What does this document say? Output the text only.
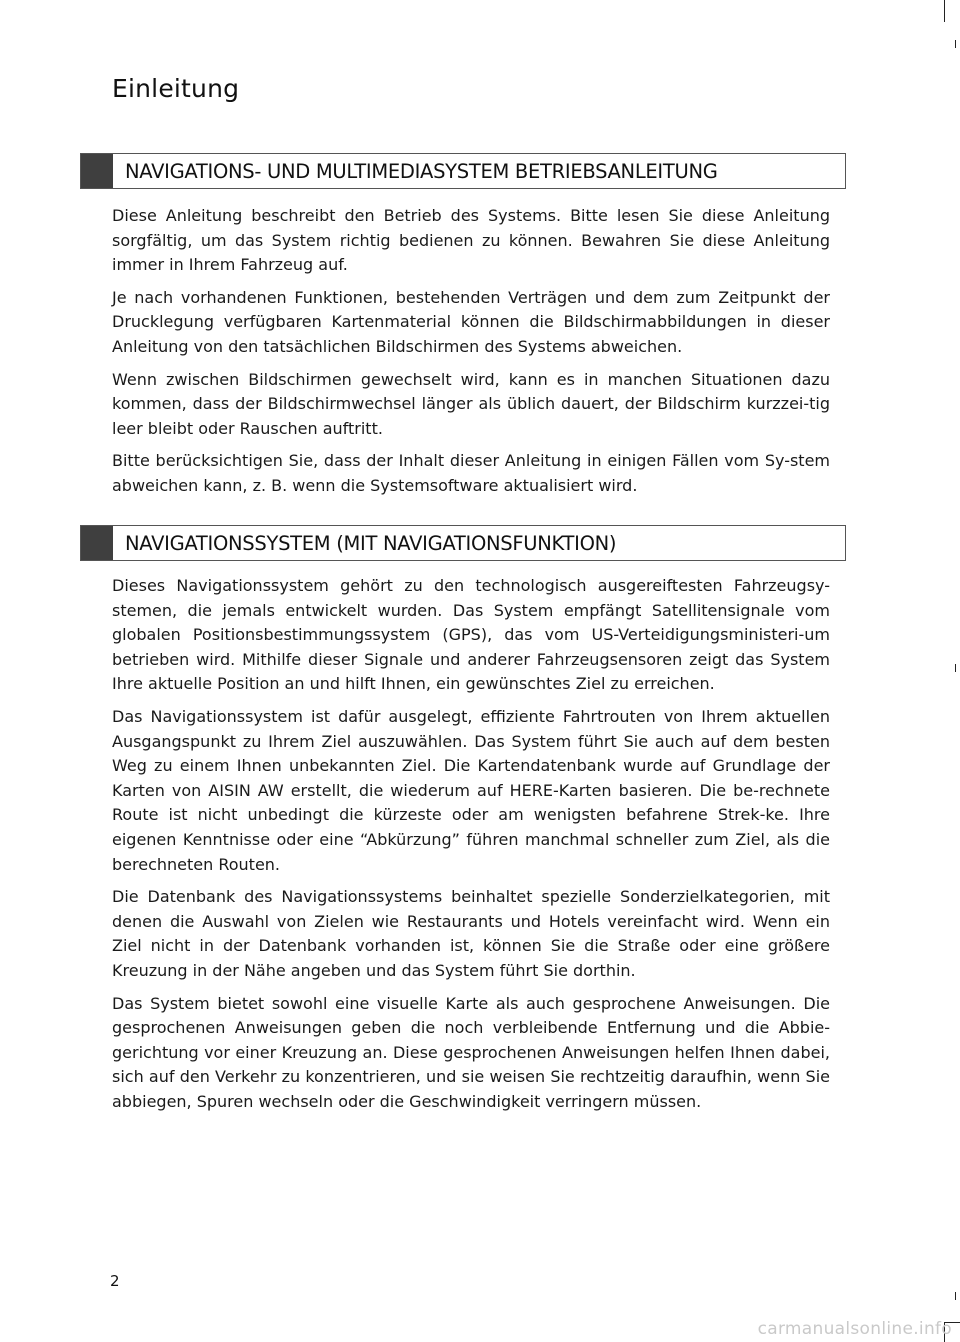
Einleitung
NAVIGATIONS- UND MULTIMEDIASYSTEM BETRIEBSANLEITUNG

Diese Anleitung beschreibt den Betrieb des Systems. Bitte lesen Sie diese Anleitung sorgfältig, um das System richtig bedienen zu können. Bewahren Sie diese Anleitung immer in Ihrem Fahrzeug auf.

Je nach vorhandenen Funktionen, bestehenden Verträgen und dem zum Zeitpunkt der Drucklegung verfügbaren Kartenmaterial können die Bildschirmabbildungen in dieser Anleitung von den tatsächlichen Bildschirmen des Systems abweichen.

Wenn zwischen Bildschirmen gewechselt wird, kann es in manchen Situationen dazu kommen, dass der Bildschirmwechsel länger als üblich dauert, der Bildschirm kurzzei-tig leer bleibt oder Rauschen auftritt.

Bitte berücksichtigen Sie, dass der Inhalt dieser Anleitung in einigen Fällen vom Sy-stem abweichen kann, z. B. wenn die Systemsoftware aktualisiert wird.

NAVIGATIONSSYSTEM (MIT NAVIGATIONSFUNKTION)

Dieses Navigationssystem gehört zu den technologisch ausgereiftesten Fahrzeugsy-stemen, die jemals entwickelt wurden. Das System empfängt Satellitensignale vom globalen Positionsbestimmungssystem (GPS), das vom US-Verteidigungsministeri-um betrieben wird. Mithilfe dieser Signale und anderer Fahrzeugsensoren zeigt das System Ihre aktuelle Position an und hilft Ihnen, ein gewünschtes Ziel zu erreichen.

Das Navigationssystem ist dafür ausgelegt, effiziente Fahrtrouten von Ihrem aktuellen Ausgangspunkt zu Ihrem Ziel auszuwählen. Das System führt Sie auch auf dem besten Weg zu einem Ihnen unbekannten Ziel. Die Kartendatenbank wurde auf Grundlage der Karten von AISIN AW erstellt, die wiederum auf HERE-Karten basieren. Die be-rechnete Route ist nicht unbedingt die kürzeste oder am wenigsten befahrene Strek-ke. Ihre eigenen Kenntnisse oder eine “Abkürzung” führen manchmal schneller zum Ziel, als die berechneten Routen.

Die Datenbank des Navigationssystems beinhaltet spezielle Sonderzielkategorien, mit denen die Auswahl von Zielen wie Restaurants und Hotels vereinfacht wird. Wenn ein Ziel nicht in der Datenbank vorhanden ist, können Sie die Straße oder eine größere Kreuzung in der Nähe angeben und das System führt Sie dorthin.

Das System bietet sowohl eine visuelle Karte als auch gesprochene Anweisungen. Die gesprochenen Anweisungen geben die noch verbleibende Entfernung und die Abbie-gerichtung vor einer Kreuzung an. Diese gesprochenen Anweisungen helfen Ihnen dabei, sich auf den Verkehr zu konzentrieren, und sie weisen Sie rechtzeitig daraufhin, wenn Sie abbiegen, Spuren wechseln oder die Geschwindigkeit verringern müssen.

2
carmanualsonline.info
